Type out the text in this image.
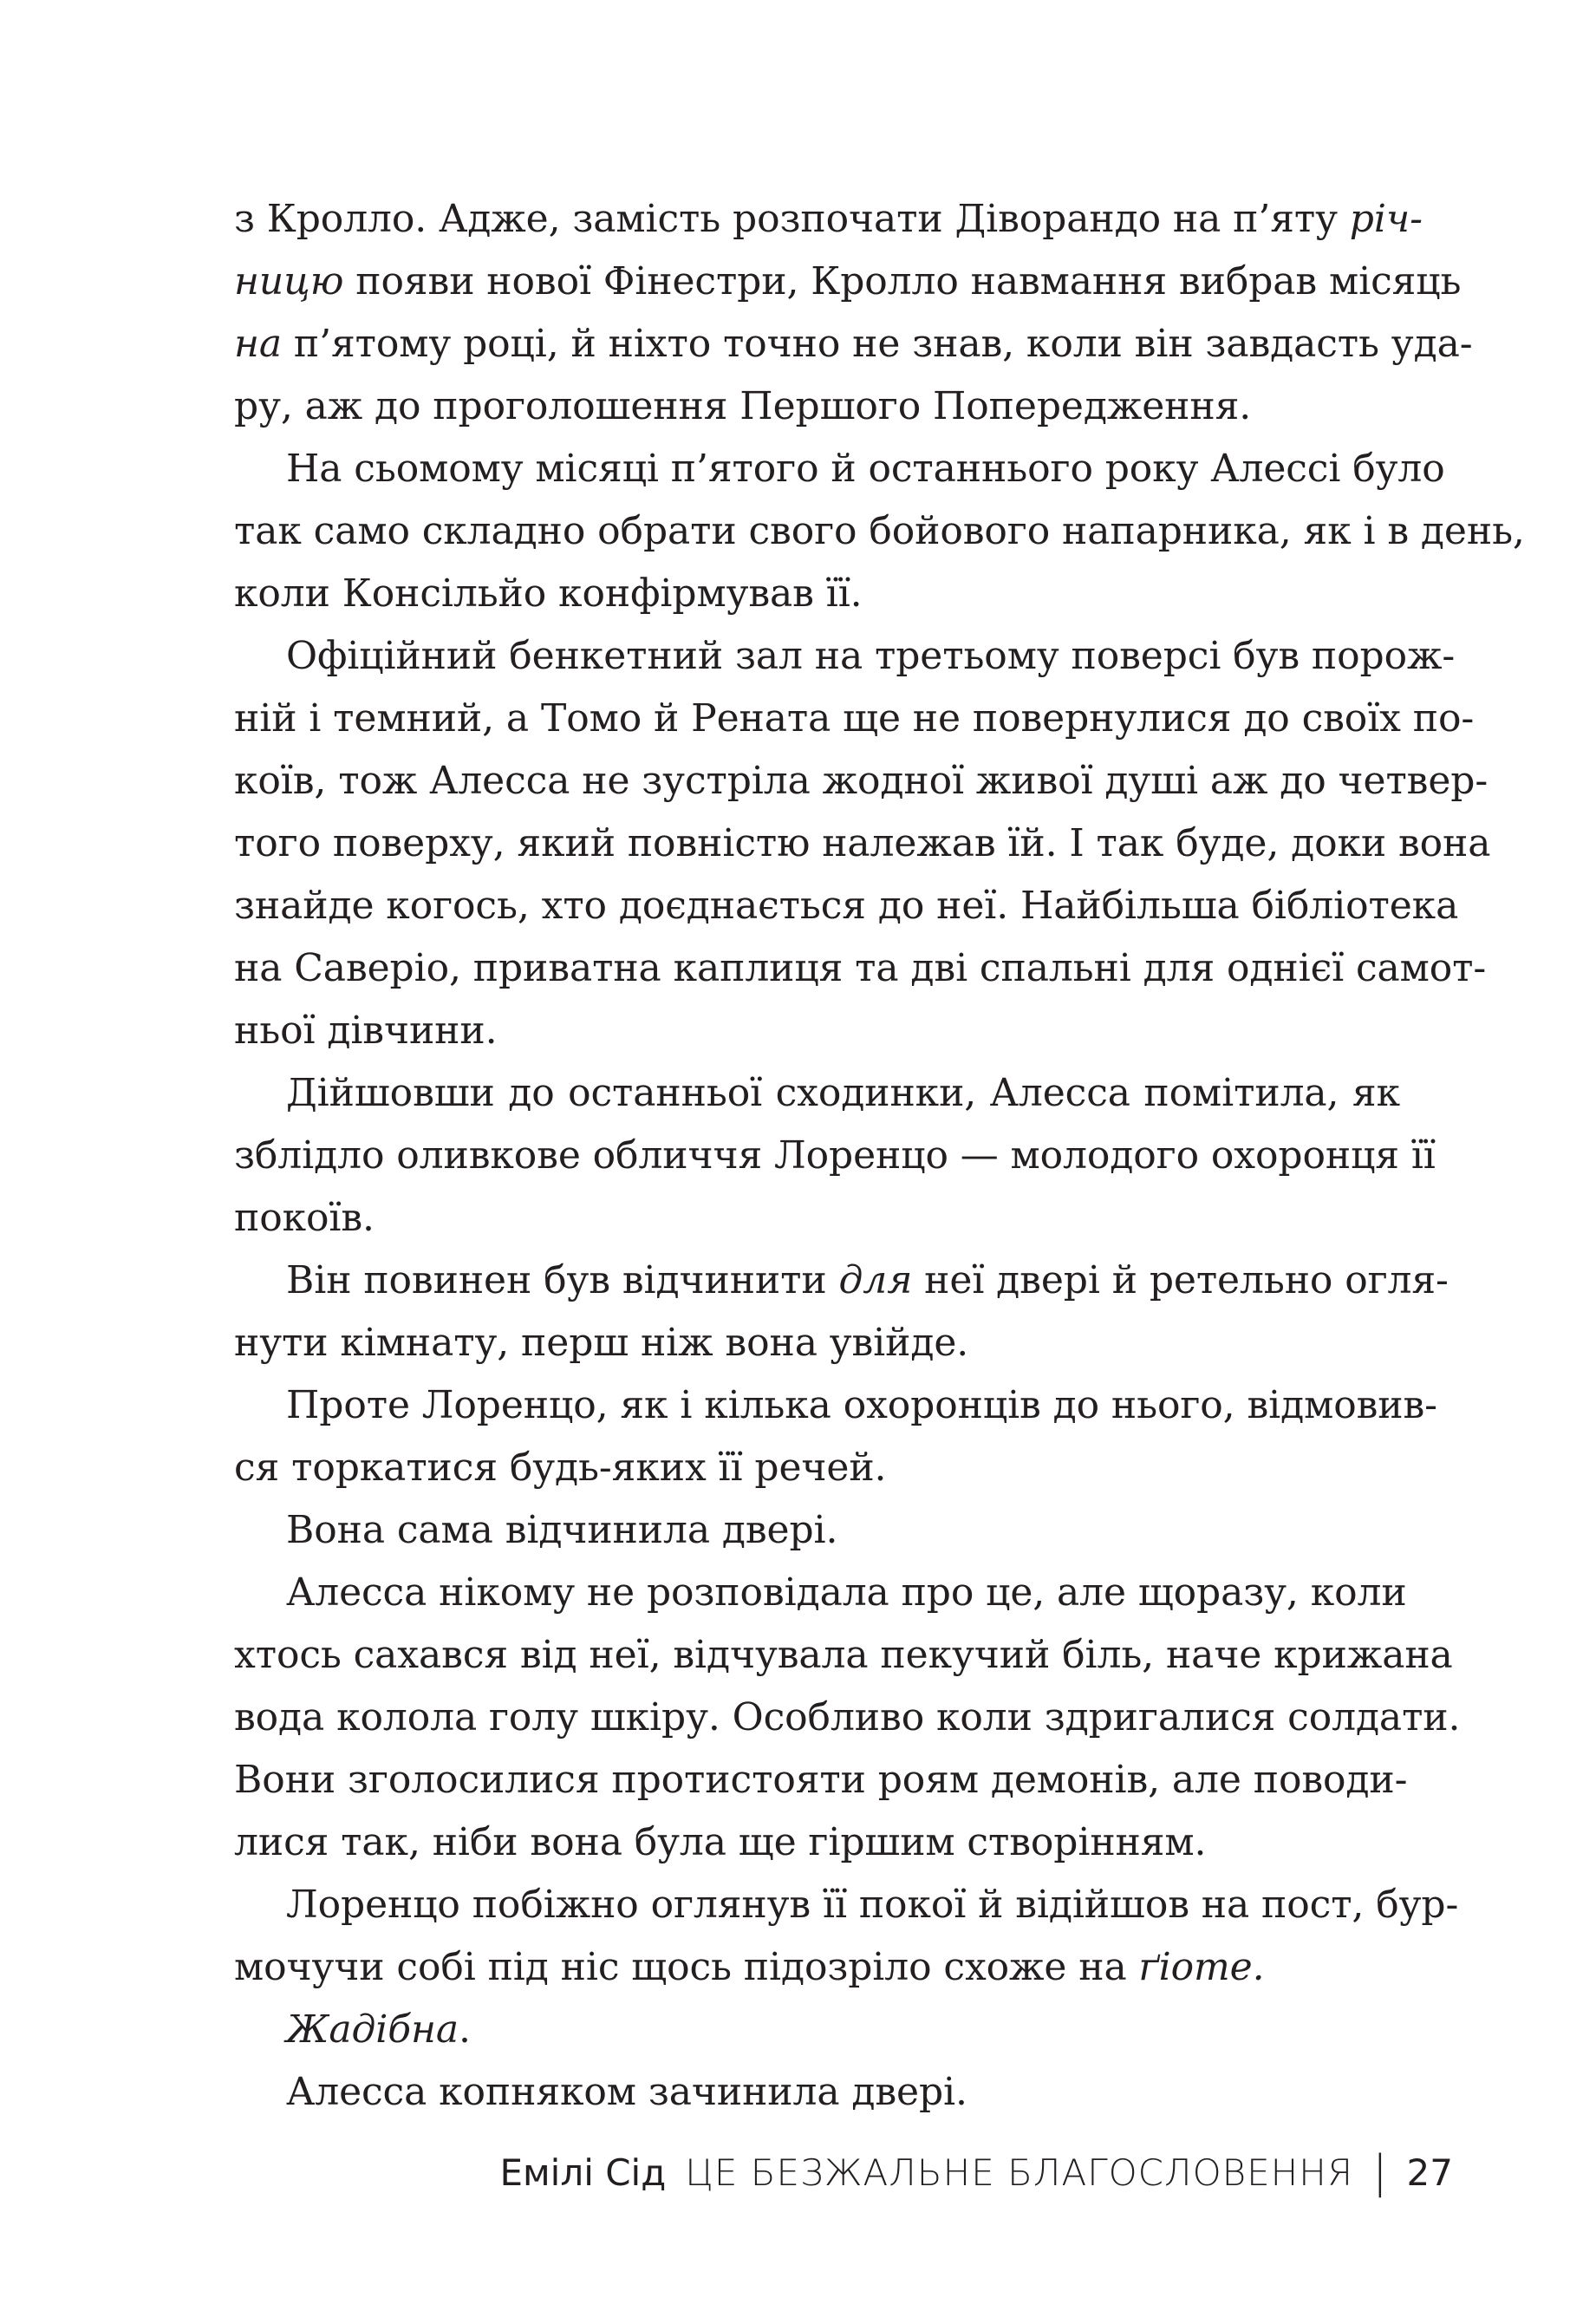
з Кролло. Адже, замість розпочати Діворандо на п’яту річ-
ницю появи нової Фінестри, Кролло навмання вибрав місяць
на п’ятому році, й ніхто точно не знав, коли він завдасть уда-
ру, аж до проголошення Першого Попередження.
На сьомому місяці п’ятого й останнього року Алессі було
так само складно обрати свого бойового напарника, як і в день,
коли Консільйо конфірмував її.
Офіційний бенкетний зал на третьому поверсі був порож-
ній і темний, а Томо й Рената ще не повернулися до своїх по-
коїв, тож Алесса не зустріла жодної живої душі аж до четвер-
того поверху, який повністю належав їй. І так буде, доки вона
знайде когось, хто доєднається до неї. Найбільша бібліотека
на Саверіо, приватна каплиця та дві спальні для однієї самот-
ньої дівчини.
Дійшовши до останньої сходинки, Алесса помітила, як
зблідло оливкове обличчя Лоренцо — молодого охоронця її
покоїв.
Він повинен був відчинити для неї двері й ретельно огля-
нути кімнату, перш ніж вона увійде.
Проте Лоренцо, як і кілька охоронців до нього, відмовив-
ся торкатися будь-яких її речей.
Вона сама відчинила двері.
Алесса нікому не розповідала про це, але щоразу, коли
хтось сахався від неї, відчувала пекучий біль, наче крижана
вода колола голу шкіру. Особливо коли здригалися солдати.
Вони зголосилися протистояти роям демонів, але поводи-
лися так, ніби вона була ще гіршим створінням.
Лоренцо побіжно оглянув її покої й відійшов на пост, бур-
мочучи собі під ніс щось підозріло схоже на ґіоте.
Жадібна.
Алесса копняком зачинила двері.
Емілі Сід ЦЕ БЕЗЖАЛЬНЕ БЛАГОСЛОВЕННЯ | 27
